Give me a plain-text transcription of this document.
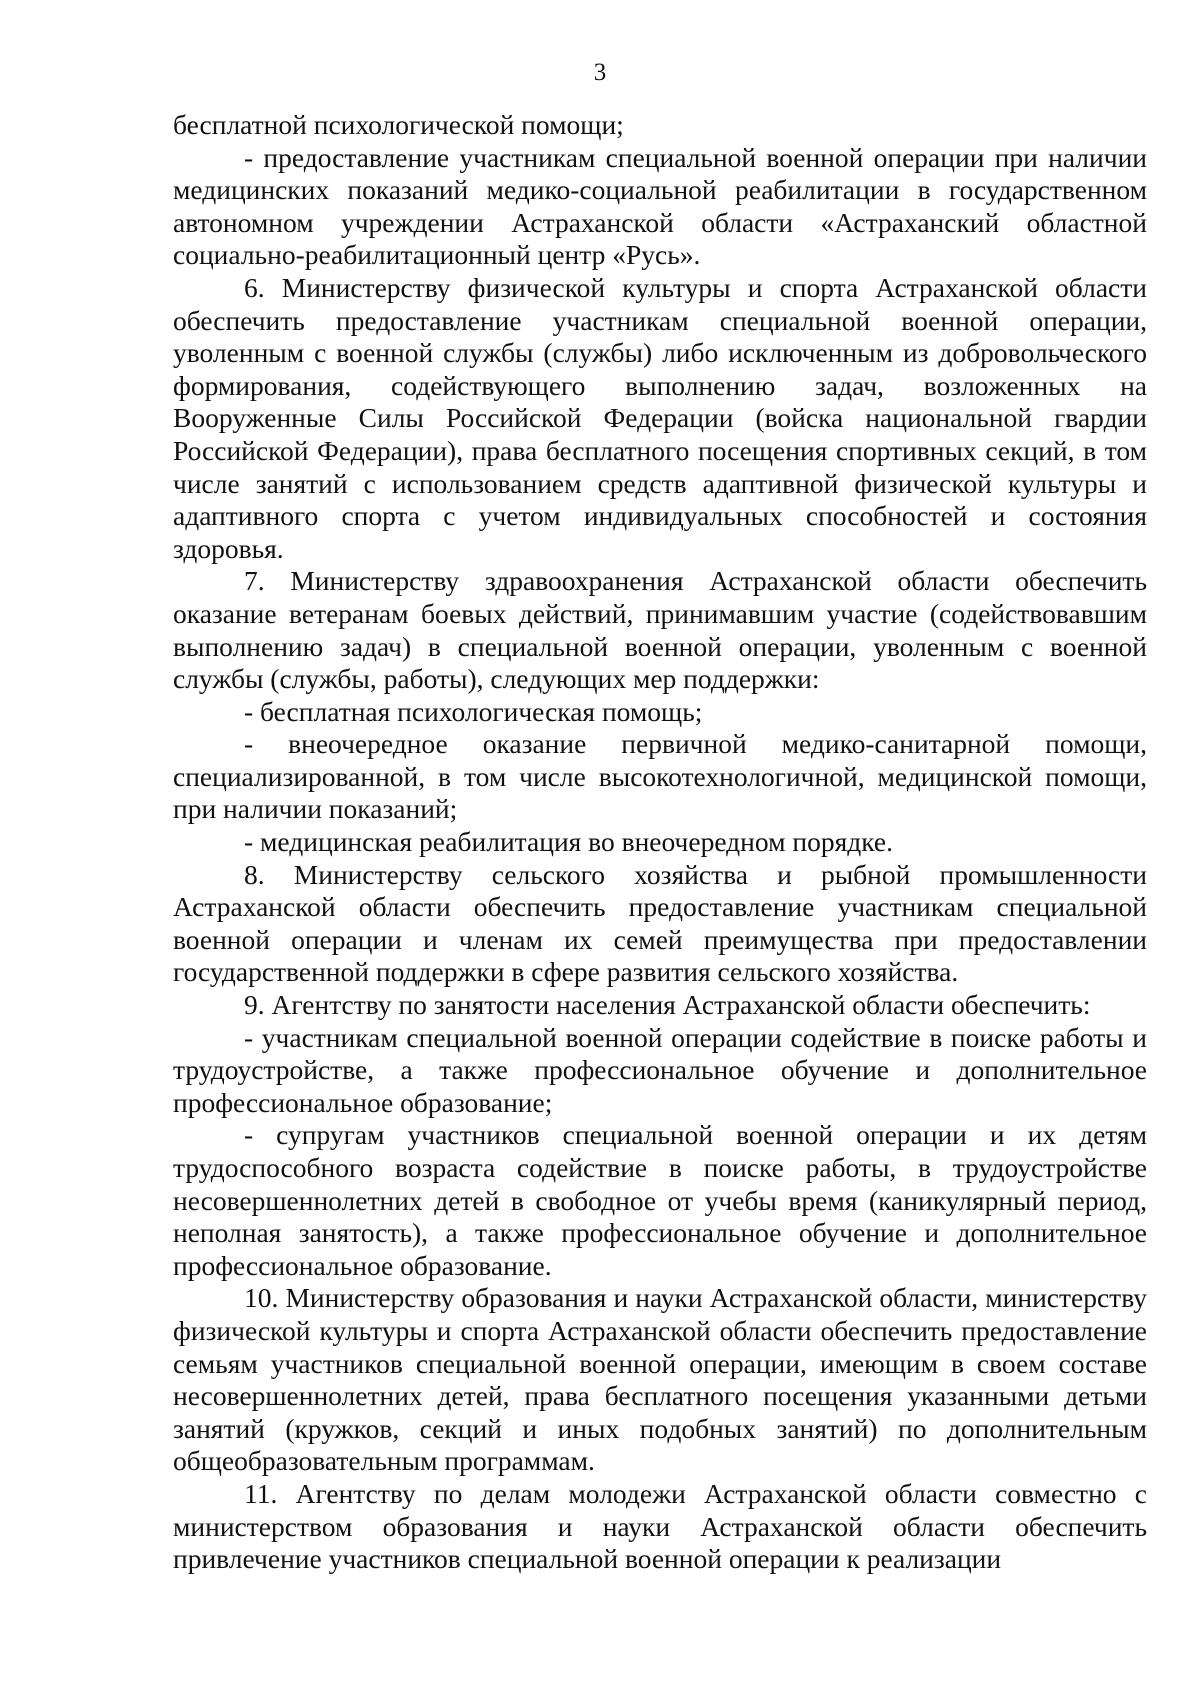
3

бесплатной психологической помощи;

- предоставление участникам специальной военной операции при наличии медицинских показаний медико-социальной реабилитации в государственном автономном учреждении Астраханской области «Астраханский областной социально-реабилитационный центр «Русь».

6. Министерству физической культуры и спорта Астраханской области обеспечить предоставление участникам специальной военной операции, уволенным с военной службы (службы) либо исключенным из добровольческого формирования, содействующего выполнению задач, возложенных на Вооруженные Силы Российской Федерации (войска национальной гвардии Российской Федерации), права бесплатного посещения спортивных секций, в том числе занятий с использованием средств адаптивной физической культуры и адаптивного спорта с учетом индивидуальных способностей и состояния здоровья.

7. Министерству здравоохранения Астраханской области обеспечить оказание ветеранам боевых действий, принимавшим участие (содействовавшим выполнению задач) в специальной военной операции, уволенным с военной службы (службы, работы), следующих мер поддержки:

- бесплатная психологическая помощь;

- внеочередное оказание первичной медико-санитарной помощи, специализированной, в том числе высокотехнологичной, медицинской помощи, при наличии показаний;

- медицинская реабилитация во внеочередном порядке.

8. Министерству сельского хозяйства и рыбной промышленности Астраханской области обеспечить предоставление участникам специальной военной операции и членам их семей преимущества при предоставлении государственной поддержки в сфере развития сельского хозяйства.

9. Агентству по занятости населения Астраханской области обеспечить:

- участникам специальной военной операции содействие в поиске работы и трудоустройстве, а также профессиональное обучение и дополнительное профессиональное образование;

- супругам участников специальной военной операции и их детям трудоспособного возраста содействие в поиске работы, в трудоустройстве несовершеннолетних детей в свободное от учебы время (каникулярный период, неполная занятость), а также профессиональное обучение и дополнительное профессиональное образование.

10. Министерству образования и науки Астраханской области, министерству физической культуры и спорта Астраханской области обеспечить предоставление семьям участников специальной военной операции, имеющим в своем составе несовершеннолетних детей, права бесплатного посещения указанными детьми занятий (кружков, секций и иных подобных занятий) по дополнительным общеобразовательным программам.

11. Агентству по делам молодежи Астраханской области совместно с министерством образования и науки Астраханской области обеспечить привлечение участников специальной военной операции к реализации
